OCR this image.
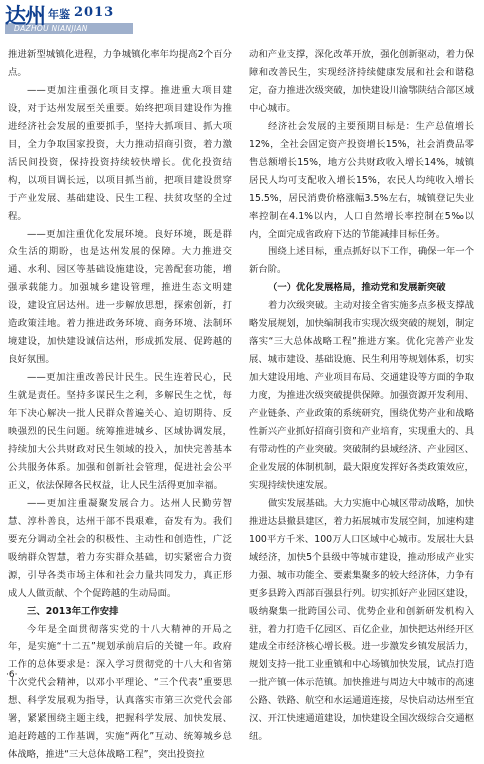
达州 年鉴 2013
DAZHOU NIANJIAN

推进新型城镇化进程，力争城镇化率年均提高2个百分点。

——更加注重强化项目支撑。推进重大项目建设，对于达州发展至关重要。始终把项目建设作为推进经济社会发展的重要抓手，坚持大抓项目、抓大项目，全力争取国家投资，大力推动招商引资，着力激活民间投资，保持投资持续较快增长。优化投资结构，以项目调长远，以项目抓当前，把项目建设贯穿于产业发展、基础建设、民生工程、扶贫攻坚的全过程。

——更加注重优化发展环境。良好环境，既是群众生活的期盼，也是达州发展的保障。大力推进交通、水利、园区等基础设施建设，完善配套功能，增强承载能力。加强城乡建设管理，推进生态文明建设，建设宜居达州。进一步解放思想，探索创新，打造政策洼地。着力推进政务环境、商务环境、法制环境建设，加快建设诚信达州，形成抓发展、促跨越的良好氛围。

——更加注重改善民计民生。民生连着民心，民生就是责任。坚持多谋民生之利，多解民生之忧，每年下决心解决一批人民群众普遍关心、迫切期待、反映强烈的民生问题。统筹推进城乡、区域协调发展，持续加大公共财政对民生领域的投入，加快完善基本公共服务体系。加强和创新社会管理，促进社会公平正义，依法保障各民权益，让人民生活得更加幸福。

——更加注重凝聚发展合力。达州人民勤劳智慧、淳朴善良，达州干部不畏艰难，奋发有为。我们要充分调动全社会的积极性、主动性和创造性，广泛吸纳群众智慧，着力夯实群众基础，切实紧密合力资源，引导各类市场主体和社会力量共同发力，真正形成人人做贡献、个个促跨越的生动局面。

三、2013年工作安排

今年是全面贯彻落实党的十八大精神的开局之年，是实施“十二五”规划承前启后的关键一年。政府工作的总体要求是：深入学习贯彻党的十八大和省第十次党代会精神，以邓小平理论、“三个代表”重要思想、科学发展观为指导，认真落实市第三次党代会部署，紧紧围绕主题主线，把握科学发展、加快发展、追赶跨越的工作基调，实施“两化”互动、统筹城乡总体战略，推进“三大总体战略工程”，突出投资拉

动和产业支撑，深化改革开放，强化创新驱动，着力保障和改善民生，实现经济持续健康发展和社会和谐稳定，奋力推进次级突破，加快建设川渝鄂陕结合部区域中心城市。

经济社会发展的主要预期目标是：生产总值增长12%，全社会固定资产投资增长15%，社会消费品零售总额增长15%，地方公共财政收入增长14%，城镇居民人均可支配收入增长15%，农民人均纯收入增长15.5%，居民消费价格涨幅3.5%左右，城镇登记失业率控制在4.1%以内，人口自然增长率控制在5‰以内，全面完成省政府下达的节能减排目标任务。

围绕上述目标，重点抓好以下工作，确保一年一个新台阶。

（一）优化发展格局，推动党和发展新突破

着力次级突破。主动对接全省实施多点多极支撑战略发展规划，加快编制我市实现次级突破的规划，制定落实“三大总体战略工程”推进方案。优化完善产业发展、城市建设、基础设施、民生利用等规划体系，切实加大建设用地、产业项目布局、交通建设等方面的争取力度，为推进次级突破提供保障。加强资源开发利用、产业链条、产业政策的系统研究，围绕优势产业和战略性新兴产业抓好招商引资和产业培育，实现重大的、具有带动性的产业突破。突破制约县域经济、产业园区、企业发展的体制机制，最大限度发挥好各类政策效应，实现持续快速发展。

做实发展基础。大力实施中心城区带动战略，加快推进达县撤县建区，着力拓展城市发展空间，加速构建100平方千米、100万人口区域中心城市。发展壮大县域经济，加快5个县级中等城市建设，推动形成产业实力强、城市功能全、要素集聚多的较大经济体，力争有更多县跨入西部百强县行列。切实抓好产业园区建设，吸纳聚集一批跨国公司、优势企业和创新研发机构入驻，着力打造千亿园区、百亿企业，加快把达州经开区建成全市经济核心增长极。进一步激发乡镇发展活力，规划支持一批工业重镇和中心场镇加快发展，试点打造一批产镇一体示范镇。加快推进与周边大中城市的高速公路、铁路、航空和水运通道连接，尽快启动达州至宜汉、开江快速通道建设，加快建设全国次级综合交通枢纽。

·6·
